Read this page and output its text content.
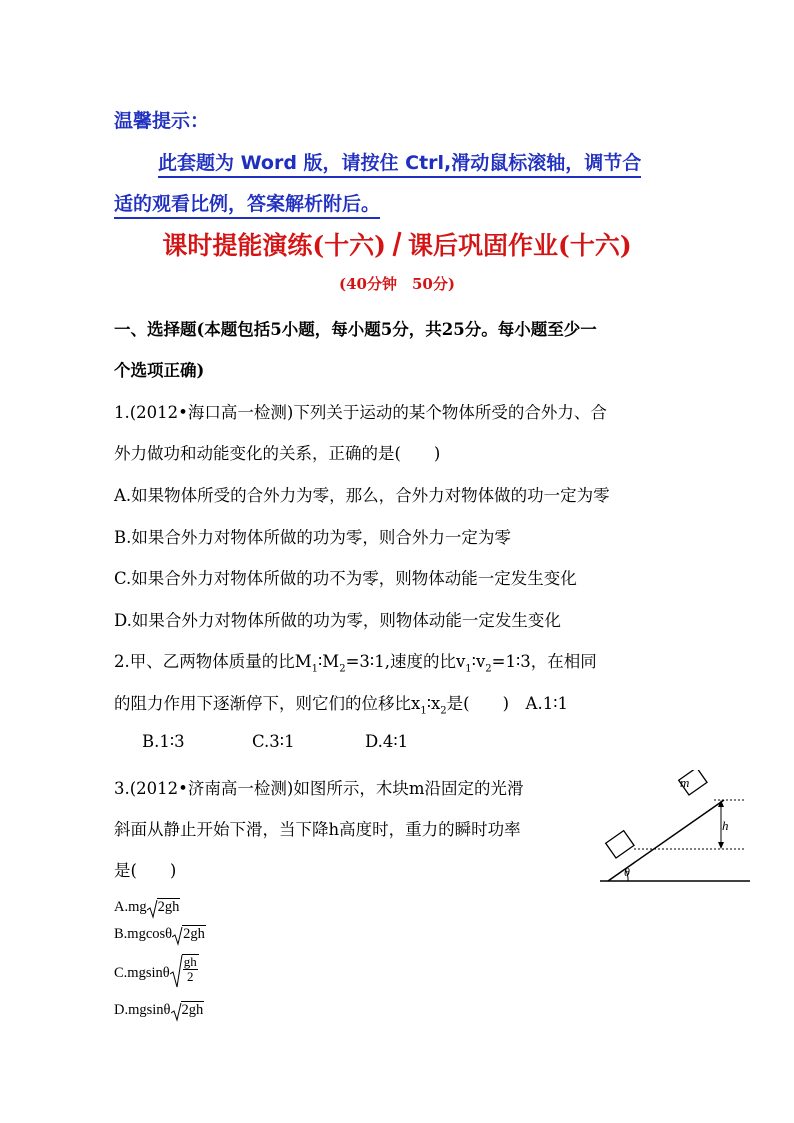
温馨提示：
此套题为 Word 版，请按住 Ctrl,滑动鼠标滚轴，调节合
适的观看比例，答案解析附后。
课时提能演练(十六) 课后巩固作业(十六)
(40分钟　50分)
一、选择题(本题包括5小题，每小题5分，共25分。每小题至少一
个选项正确)
1.(2012•海口高一检测)下列关于运动的某个物体所受的合外力、合
外力做功和动能变化的关系，正确的是(　　)
A.如果物体所受的合外力为零，那么，合外力对物体做的功一定为零
B.如果合外力对物体所做的功为零，则合外力一定为零
C.如果合外力对物体所做的功不为零，则物体动能一定发生变化
D.如果合外力对物体所做的功为零，则物体动能一定发生变化
2.甲、乙两物体质量的比$M_1∶M_2=3∶1$,速度的比$v_1∶v_2=1∶3$，在相同
的阻力作用下逐渐停下，则它们的位移比$x_1∶x_2$是(　　)　A.1∶1
B.1∶3	C.3∶1	D.4∶1
3.(2012•济南高一检测)如图所示，木块m沿固定的光滑
斜面从静止开始下滑，当下降h高度时，重力的瞬时功率
是(　　)
m
h
θ
A.mg 2gh
B.mgcosθ 2gh
$C.mgsin\theta \frac{gh}{2}$
D.mgsinθ 2gh
